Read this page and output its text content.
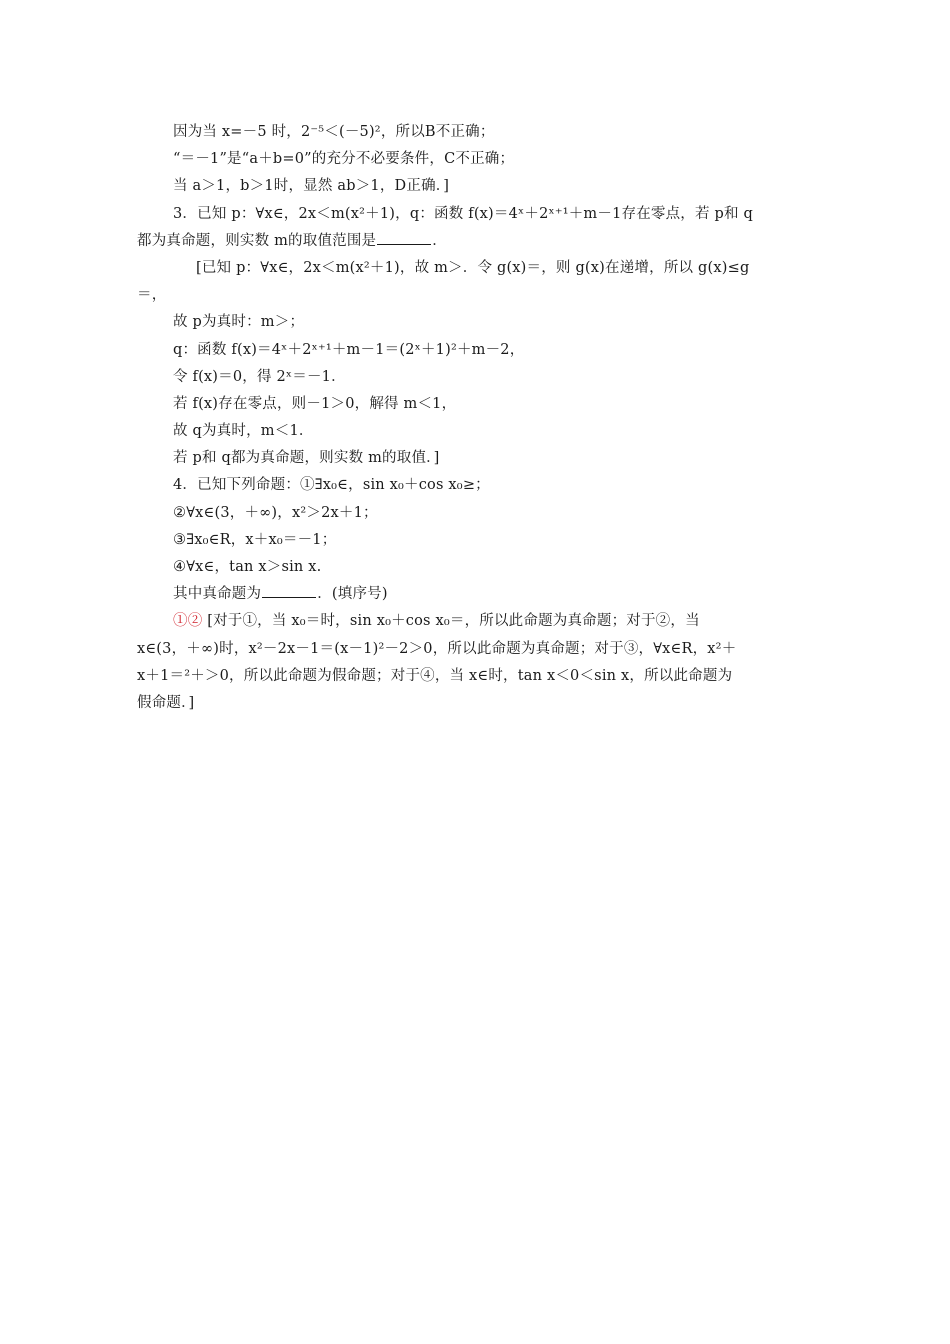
因为当 x=－5 时，2⁻⁵＜(－5)²，所以B不正确；
“＝－1”是“a＋b=0”的充分不必要条件，C不正确；
当 a＞1，b＞1时，显然 ab＞1，D正确．]
3．已知 p：∀x∈，2x＜m(x²＋1)，q：函数 f(x)＝4ˣ＋2ˣ⁺¹＋m－1存在零点，若 p和 q
都为真命题，则实数 m的取值范围是	．
[已知 p：∀x∈，2x＜m(x²＋1)，故 m＞．令 g(x)＝，则 g(x)在递增，所以 g(x)≤g
＝，
故 p为真时：m＞；
q：函数 f(x)＝4ˣ＋2ˣ⁺¹＋m－1＝(2ˣ＋1)²＋m－2，
令 f(x)＝0，得 2ˣ＝－1．
若 f(x)存在零点，则－1＞0，解得 m＜1，
故 q为真时，m＜1．
若 p和 q都为真命题，则实数 m的取值．]
4．已知下列命题：①∃x₀∈，sin x₀＋cos x₀≥；
②∀x∈(3，＋∞)，x²＞2x＋1；
③∃x₀∈R，x＋x₀＝－1；
④∀x∈，tan x＞sin x.
其中真命题为	．(填序号)
①② [对于①，当 x₀＝时，sin x₀＋cos x₀＝，所以此命题为真命题；对于②，当
x∈(3，＋∞)时，x²－2x－1＝(x－1)²－2＞0，所以此命题为真命题；对于③，∀x∈R，x²＋
x＋1＝²＋＞0，所以此命题为假命题；对于④，当 x∈时，tan x＜0＜sin x，所以此命题为
假命题．]
